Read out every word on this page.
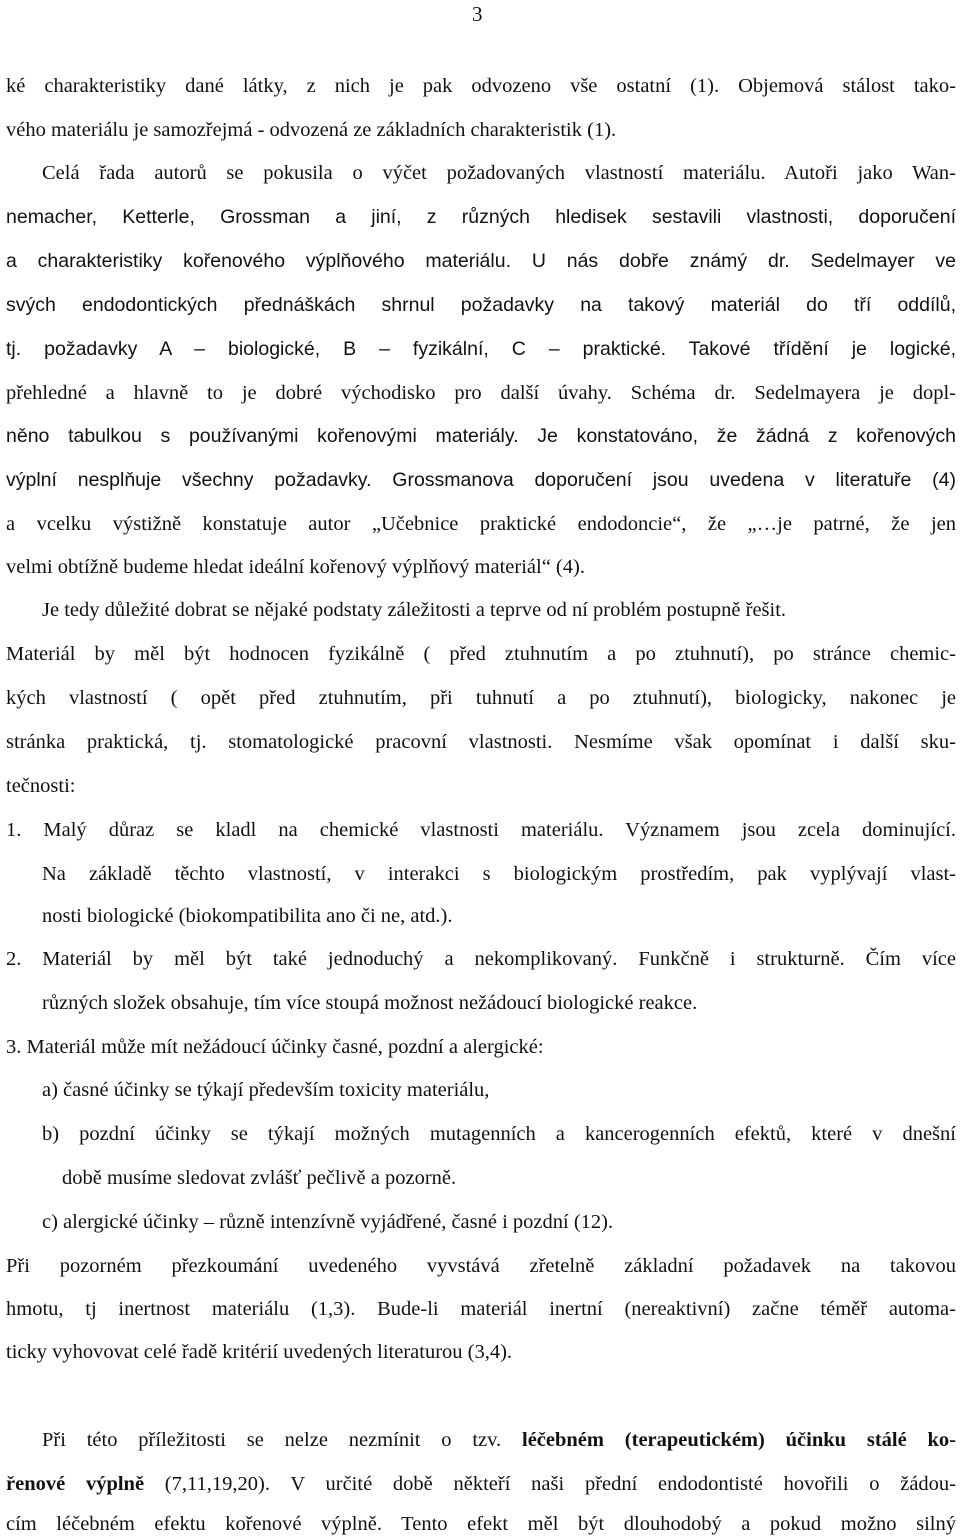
3
ké charakteristiky dané látky, z nich je pak odvozeno vše ostatní (1). Objemová stálost tako-
vého materiálu je samozřejmá - odvozená ze základních charakteristik (1).
Celá řada autorů se pokusila o výčet požadovaných vlastností materiálu. Autoři jako Wan-
nemacher, Ketterle, Grossman a jiní, z různých hledisek sestavili vlastnosti, doporučení
a charakteristiky kořenového výplňového materiálu. U nás dobře známý dr. Sedelmayer ve
svých endodontických přednáškách shrnul požadavky na takový materiál do tří oddílů,
tj. požadavky A – biologické, B – fyzikální, C – praktické. Takové třídění je logické,
přehledné a hlavně to je dobré východisko pro další úvahy. Schéma dr. Sedelmayera je dopl-
něno tabulkou s používanými kořenovými materiály. Je konstatováno, že žádná z kořenových
výplní nesplňuje všechny požadavky. Grossmanova doporučení jsou uvedena v literatuře (4)
a vcelku výstižně konstatuje autor „Učebnice praktické endodoncie“, že „…je patrné, že jen
velmi obtížně budeme hledat ideální kořenový výplňový materiál“ (4).
Je tedy důležité dobrat se nějaké podstaty záležitosti a teprve od ní problém postupně řešit.
Materiál by měl být hodnocen fyzikálně ( před ztuhnutím a po ztuhnutí), po stránce chemic-
kých vlastností ( opět před ztuhnutím, při tuhnutí a po ztuhnutí), biologicky, nakonec je
stránka praktická, tj. stomatologické pracovní vlastnosti. Nesmíme však opomínat i další sku-
tečnosti:
1. Malý důraz se kladl na chemické vlastnosti materiálu. Významem jsou zcela dominující.
Na základě těchto vlastností, v interakci s biologickým prostředím, pak vyplývají vlast-
nosti biologické (biokompatibilita ano či ne, atd.).
2. Materiál by měl být také jednoduchý a nekomplikovaný. Funkčně i strukturně. Čím více
různých složek obsahuje, tím více stoupá možnost nežádoucí biologické reakce.
3. Materiál může mít nežádoucí účinky časné, pozdní a alergické:
a) časné účinky se týkají především toxicity materiálu,
b) pozdní účinky se týkají možných mutagenních a kancerogenních efektů, které v dnešní
době musíme sledovat zvlášť pečlivě a pozorně.
c) alergické účinky – různě intenzívně vyjádřené, časné i pozdní (12).
Při pozorném přezkoumání uvedeného vyvstává zřetelně základní požadavek na takovou
hmotu, tj inertnost materiálu (1,3). Bude-li materiál inertní (nereaktivní) začne téměř automa-
ticky vyhovovat celé řadě kritérií uvedených literaturou (3,4).
Při této příležitosti se nelze nezmínit o tzv. léčebném (terapeutickém) účinku stálé ko-
řenové výplně (7,11,19,20). V určité době někteří naši přední endodontisté hovořili o žádou-
cím léčebném efektu kořenové výplně. Tento efekt měl být dlouhodobý a pokud možno silný
